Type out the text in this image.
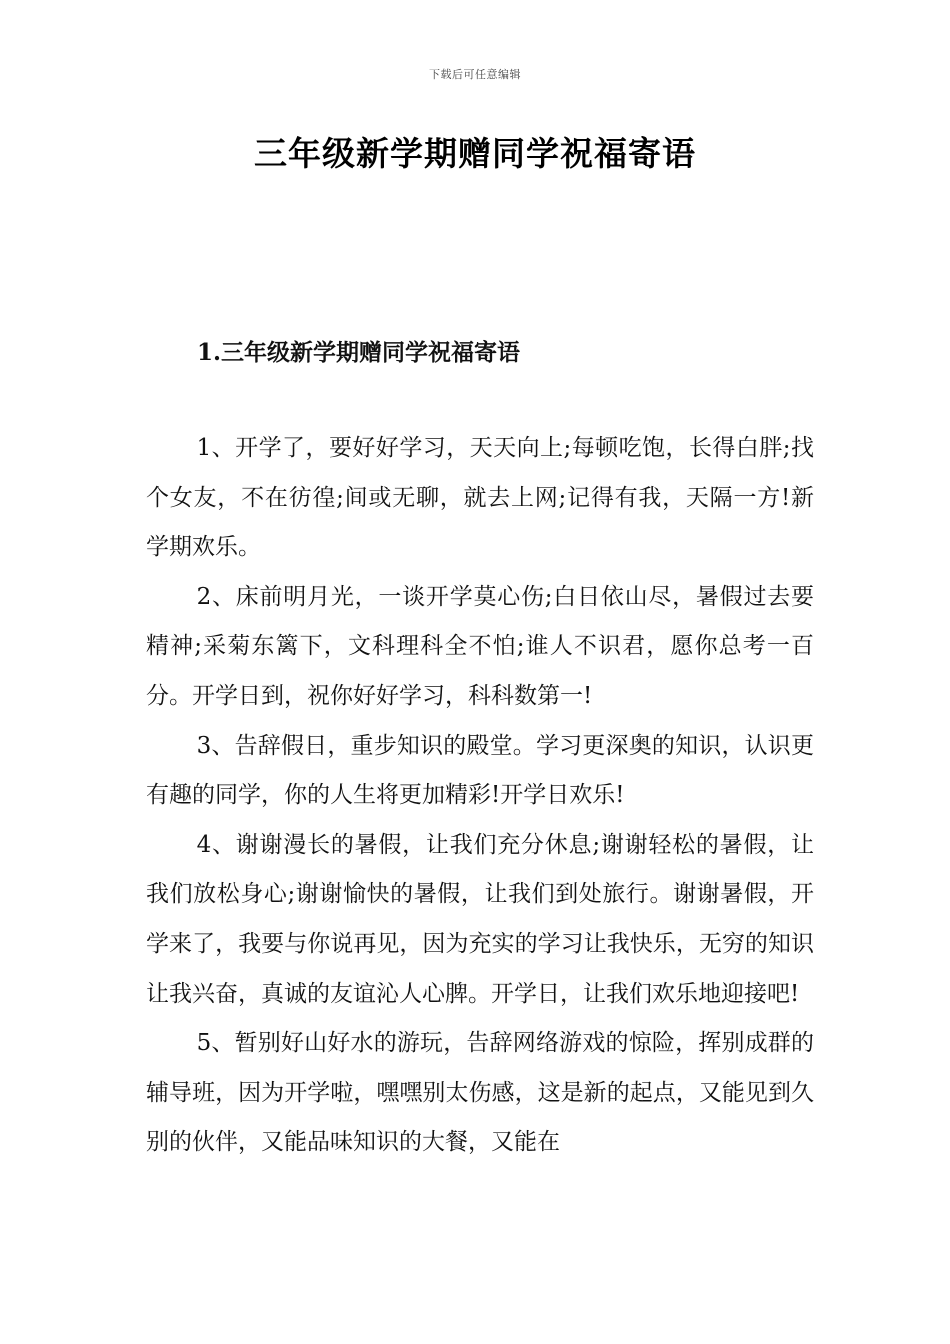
下载后可任意编辑
三年级新学期赠同学祝福寄语
1.三年级新学期赠同学祝福寄语

1、开学了，要好好学习，天天向上;每顿吃饱，长得白胖;找个女友，不在彷徨;间或无聊，就去上网;记得有我，天隔一方!新学期欢乐。

2、床前明月光，一谈开学莫心伤;白日依山尽，暑假过去要精神;采菊东篱下，文科理科全不怕;谁人不识君，愿你总考一百分。开学日到，祝你好好学习，科科数第一!

3、告辞假日，重步知识的殿堂。学习更深奥的知识，认识更有趣的同学，你的人生将更加精彩!开学日欢乐!

4、谢谢漫长的暑假，让我们充分休息;谢谢轻松的暑假，让我们放松身心;谢谢愉快的暑假，让我们到处旅行。谢谢暑假，开学来了，我要与你说再见，因为充实的学习让我快乐，无穷的知识让我兴奋，真诚的友谊沁人心脾。开学日，让我们欢乐地迎接吧!

5、暂别好山好水的游玩，告辞网络游戏的惊险，挥别成群的辅导班，因为开学啦，嘿嘿别太伤感，这是新的起点，又能见到久别的伙伴，又能品味知识的大餐，又能在
